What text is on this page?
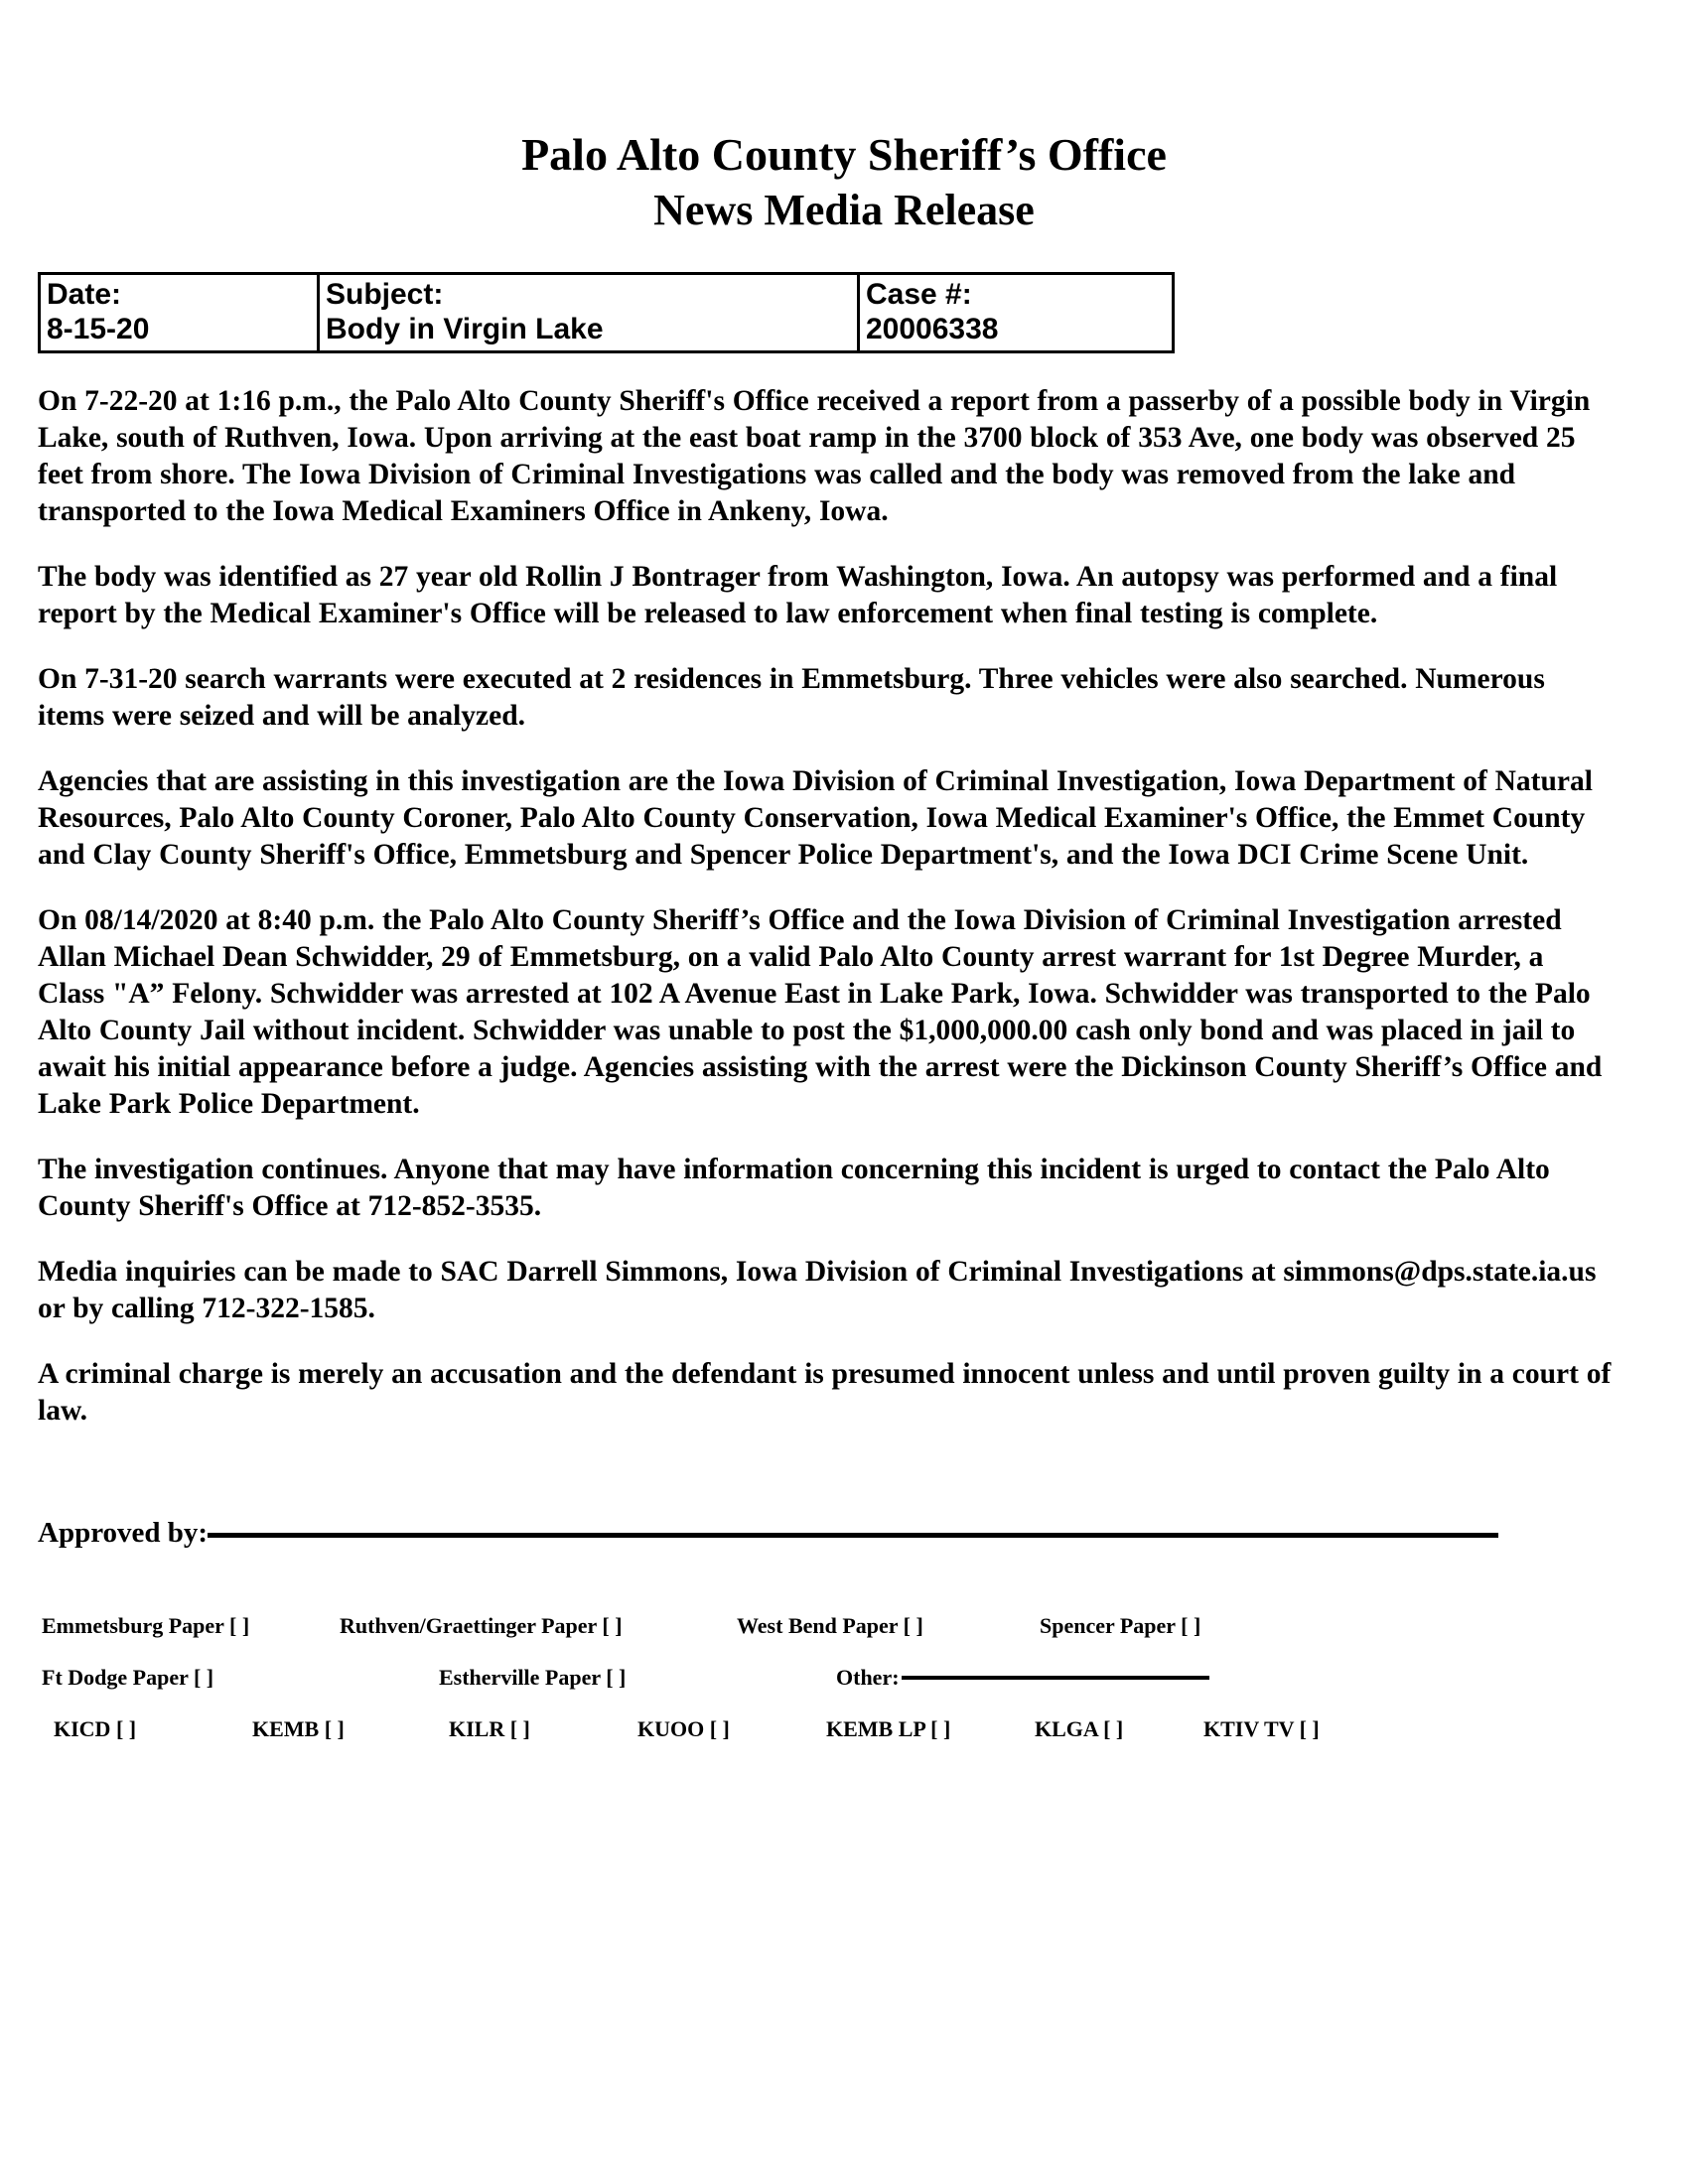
Palo Alto County Sheriff’s Office
News Media Release
Date:
8-15-20

Subject:
Body in Virgin Lake

Case #:
20006338

On 7-22-20 at 1:16 p.m., the Palo Alto County Sheriff's Office received a report from a passerby of a possible body in Virgin Lake, south of Ruthven, Iowa. Upon arriving at the east boat ramp in the 3700 block of 353 Ave, one body was observed 25 feet from shore. The Iowa Division of Criminal Investigations was called and the body was removed from the lake and transported to the Iowa Medical Examiners Office in Ankeny, Iowa.

The body was identified as 27 year old Rollin J Bontrager from Washington, Iowa. An autopsy was performed and a final report by the Medical Examiner's Office will be released to law enforcement when final testing is complete.

On 7-31-20 search warrants were executed at 2 residences in Emmetsburg. Three vehicles were also searched. Numerous items were seized and will be analyzed.

Agencies that are assisting in this investigation are the Iowa Division of Criminal Investigation, Iowa Department of Natural Resources, Palo Alto County Coroner, Palo Alto County Conservation, Iowa Medical Examiner's Office, the Emmet County and Clay County Sheriff's Office, Emmetsburg and Spencer Police Department's, and the Iowa DCI Crime Scene Unit.

On 08/14/2020 at 8:40 p.m. the Palo Alto County Sheriff’s Office and the Iowa Division of Criminal Investigation arrested Allan Michael Dean Schwidder, 29 of Emmetsburg, on a valid Palo Alto County arrest warrant for 1st Degree Murder, a Class "A” Felony. Schwidder was arrested at 102 A Avenue East in Lake Park, Iowa. Schwidder was transported to the Palo Alto County Jail without incident. Schwidder was unable to post the $1,000,000.00 cash only bond and was placed in jail to await his initial appearance before a judge. Agencies assisting with the arrest were the Dickinson County Sheriff’s Office and Lake Park Police Department.

The investigation continues. Anyone that may have information concerning this incident is urged to contact the Palo Alto County Sheriff's Office at 712-852-3535.

Media inquiries can be made to SAC Darrell Simmons, Iowa Division of Criminal Investigations at simmons@dps.state.ia.us or by calling 712-322-1585.

A criminal charge is merely an accusation and the defendant is presumed innocent unless and until proven guilty in a court of law.

Approved by:
Emmetsburg Paper [ ]	Ruthven/Graettinger Paper [ ]	West Bend Paper [ ]	Spencer Paper [ ]
Ft Dodge Paper [ ]	Estherville Paper [ ]	Other:
KICD [ ]	KEMB [ ]	KILR [ ]	KUOO [ ]	KEMB LP [ ]	KLGA [ ]	KTIV TV [ ]
